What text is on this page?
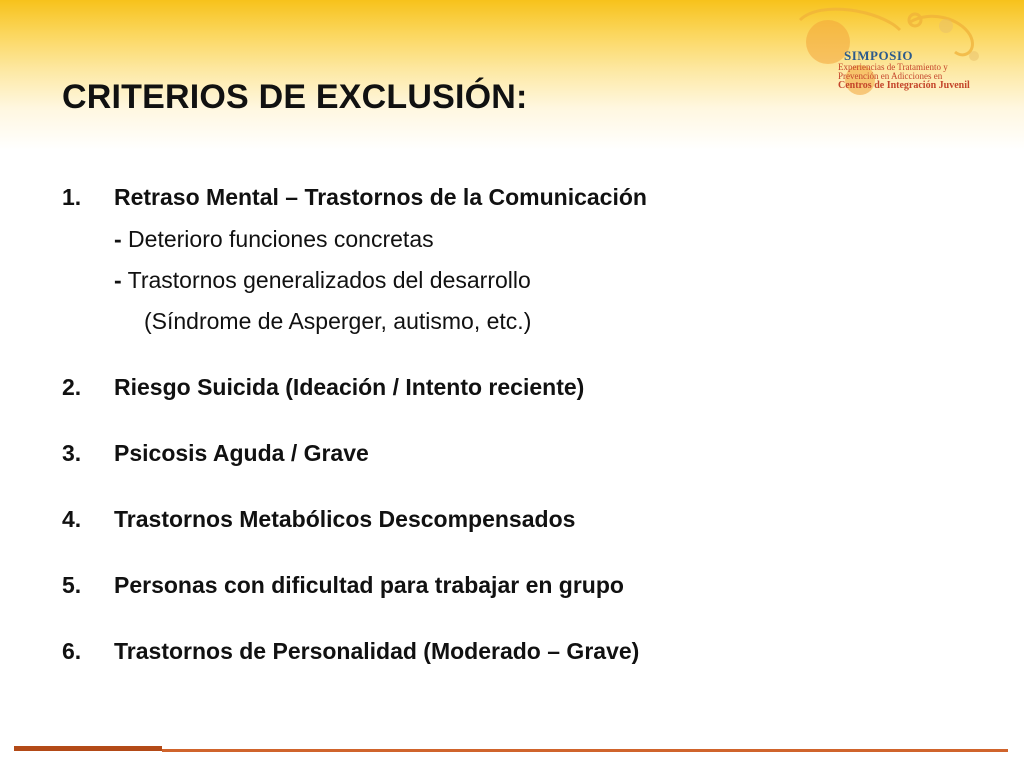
SIMPOSIO
Experiencias de Tratamiento y
Prevención en Adicciones en
Centros de Integración Juvenil
CRITERIOS DE EXCLUSIÓN:
1. Retraso Mental – Trastornos de la Comunicación
- Deterioro funciones concretas
- Trastornos generalizados del desarrollo
(Síndrome de Asperger, autismo, etc.)
2. Riesgo Suicida (Ideación / Intento reciente)
3. Psicosis Aguda / Grave
4. Trastornos Metabólicos Descompensados
5. Personas con dificultad para trabajar en grupo
6. Trastornos de Personalidad (Moderado – Grave)
